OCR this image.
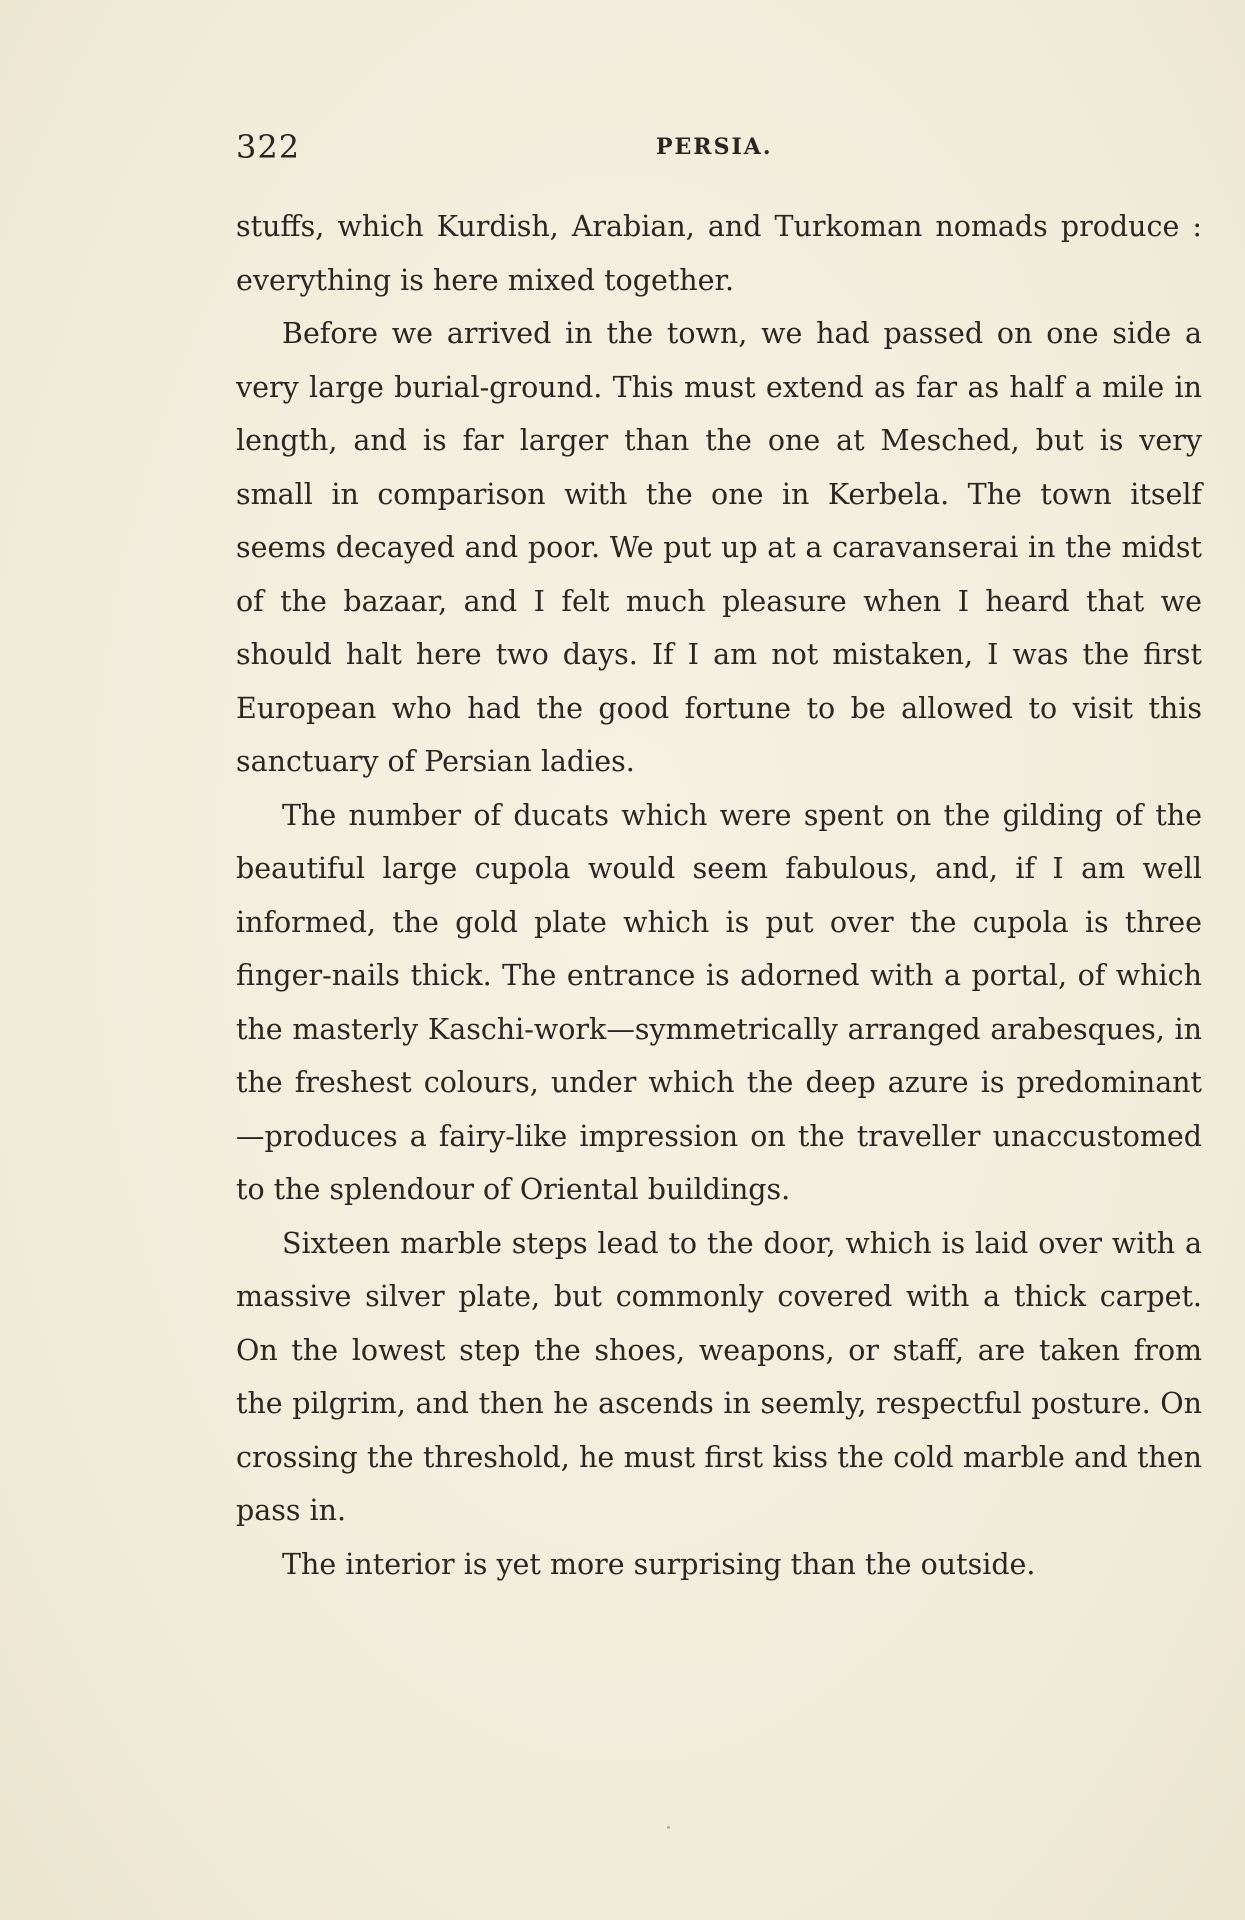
322	PERSIA.

stuffs, which Kurdish, Arabian, and Turkoman nomads produce : everything is here mixed together.

Before we arrived in the town, we had passed on one side a very large burial-ground. This must extend as far as half a mile in length, and is far larger than the one at Mesched, but is very small in comparison with the one in Kerbela. The town itself seems decayed and poor. We put up at a caravanserai in the midst of the bazaar, and I felt much pleasure when I heard that we should halt here two days. If I am not mistaken, I was the first European who had the good fortune to be allowed to visit this sanctuary of Persian ladies.

The number of ducats which were spent on the gilding of the beautiful large cupola would seem fabulous, and, if I am well informed, the gold plate which is put over the cupola is three finger-nails thick. The entrance is adorned with a portal, of which the masterly Kaschi-work—symmetrically arranged arabesques, in the freshest colours, under which the deep azure is predominant—produces a fairy-like impression on the traveller unaccustomed to the splendour of Oriental buildings.

Sixteen marble steps lead to the door, which is laid over with a massive silver plate, but commonly covered with a thick carpet. On the lowest step the shoes, weapons, or staff, are taken from the pilgrim, and then he ascends in seemly, respectful posture. On crossing the threshold, he must first kiss the cold marble and then pass in.

The interior is yet more surprising than the outside.
